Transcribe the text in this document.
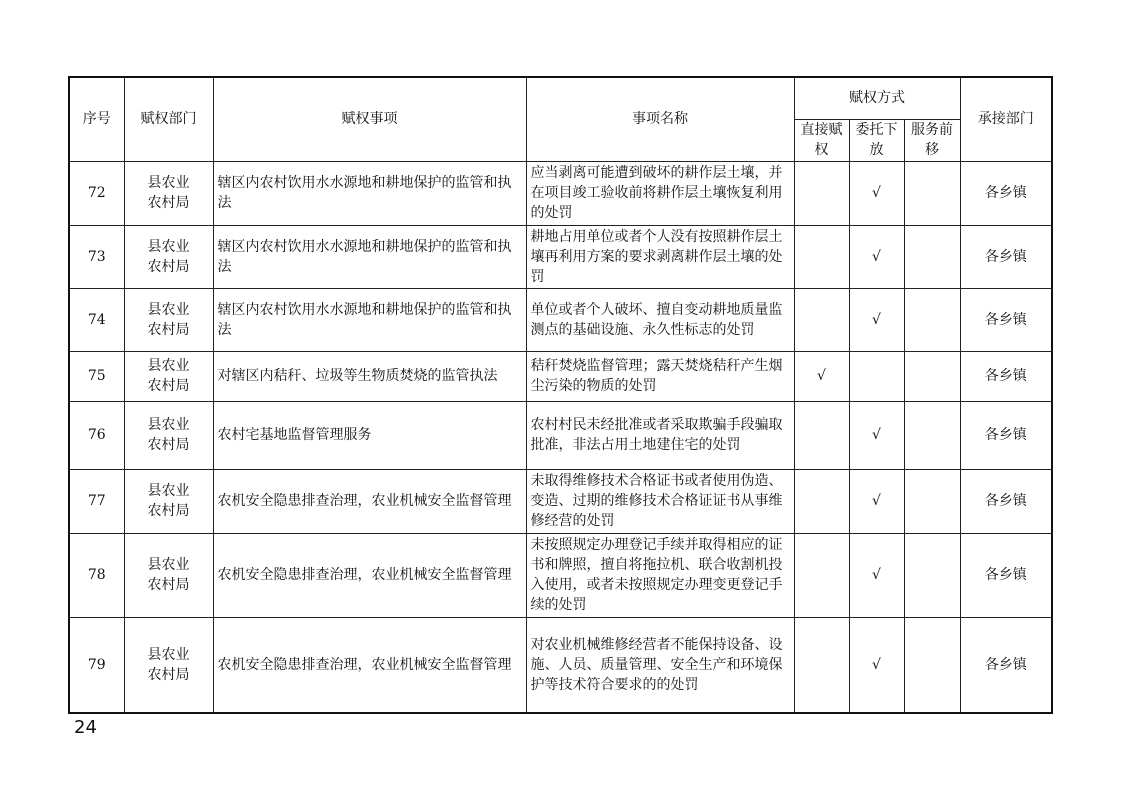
序号	赋权部门	赋权事项	事项名称	赋权方式			承接部门
				直接赋权	委托下放	服务前移	
72	县农业农村局	辖区内农村饮用水水源地和耕地保护的监管和执法	应当剥离可能遭到破坏的耕作层土壤，并在项目竣工验收前将耕作层土壤恢复利用的处罚		√		各乡镇
73	县农业农村局	辖区内农村饮用水水源地和耕地保护的监管和执法	耕地占用单位或者个人没有按照耕作层土壤再利用方案的要求剥离耕作层土壤的处罚		√		各乡镇
74	县农业农村局	辖区内农村饮用水水源地和耕地保护的监管和执法	单位或者个人破坏、擅自变动耕地质量监测点的基础设施、永久性标志的处罚		√		各乡镇
75	县农业农村局	对辖区内秸秆、垃圾等生物质焚烧的监管执法	秸秆焚烧监督管理；露天焚烧秸秆产生烟尘污染的物质的处罚	√			各乡镇
76	县农业农村局	农村宅基地监督管理服务	农村村民未经批准或者采取欺骗手段骗取批准，非法占用土地建住宅的处罚		√		各乡镇
77	县农业农村局	农机安全隐患排查治理，农业机械安全监督管理	未取得维修技术合格证书或者使用伪造、变造、过期的维修技术合格证证书从事维修经营的处罚		√		各乡镇
78	县农业农村局	农机安全隐患排查治理，农业机械安全监督管理	未按照规定办理登记手续并取得相应的证书和牌照，擅自将拖拉机、联合收割机投入使用，或者未按照规定办理变更登记手续的处罚		√		各乡镇
79	县农业农村局	农机安全隐患排查治理，农业机械安全监督管理	对农业机械维修经营者不能保持设备、设施、人员、质量管理、安全生产和环境保护等技术符合要求的的处罚		√		各乡镇
24
